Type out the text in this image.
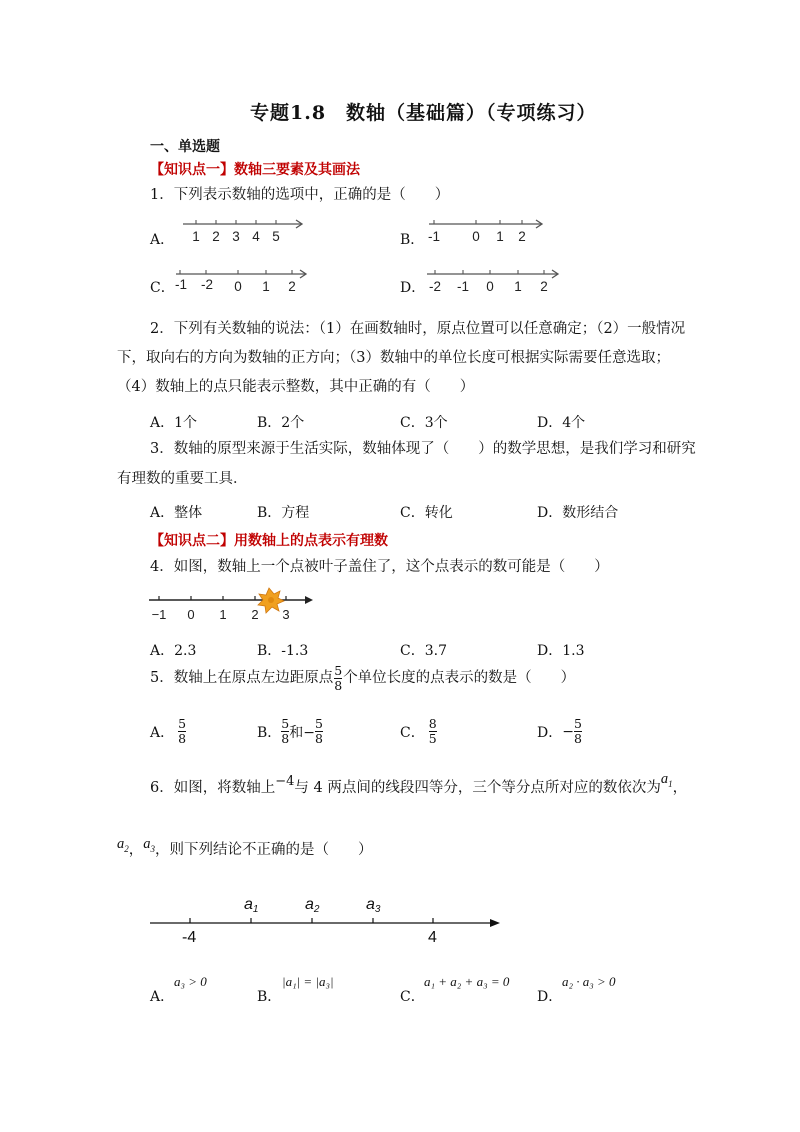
专题1.8　数轴（基础篇）（专项练习）
一、单选题
【知识点一】数轴三要素及其画法
1．下列表示数轴的选项中，正确的是（　　）
A． 1 2 3 4 5	B． -1 0 1 2
C． -1 -2 0 1 2	D． -2 -1 0 1 2
2．下列有关数轴的说法：（1）在画数轴时，原点位置可以任意确定；（2）一般情况
下，取向右的方向为数轴的正方向；（3）数轴中的单位长度可根据实际需要任意选取；
（4）数轴上的点只能表示整数，其中正确的有（　　）
A．1个	B．2个	C．3个	D．4个
3．数轴的原型来源于生活实际，数轴体现了（　　）的数学思想，是我们学习和研究
有理数的重要工具．
A．整体	B．方程	C．转化	D．数形结合
【知识点二】用数轴上的点表示有理数
4．如图，数轴上一个点被叶子盖住了，这个点表示的数可能是（　　）
−1 0 1 2 3
A．2.3	B．-1.3	C．3.7	D．1.3
5．数轴上在原点左边距原点 $\frac{5}{8}$ 个单位长度的点表示的数是（　　）
A． $\frac{5}{8}$	B． $\frac{5}{8}$ 和− $\frac{5}{8}$	C． $\frac{8}{5}$	D． − $\frac{5}{8}$
6．如图，将数轴上−4与 4 两点间的线段四等分，三个等分点所对应的数依次为$a_1$，
$a_2$，$a_3$，则下列结论不正确的是（　　）
-4	4
a1	a2	a3
A．
a₃ > 0
B．
|a₁| = |a₃|
C．
a₁ + a₂ + a₃ = 0
D．
a₂ · a₃ > 0
